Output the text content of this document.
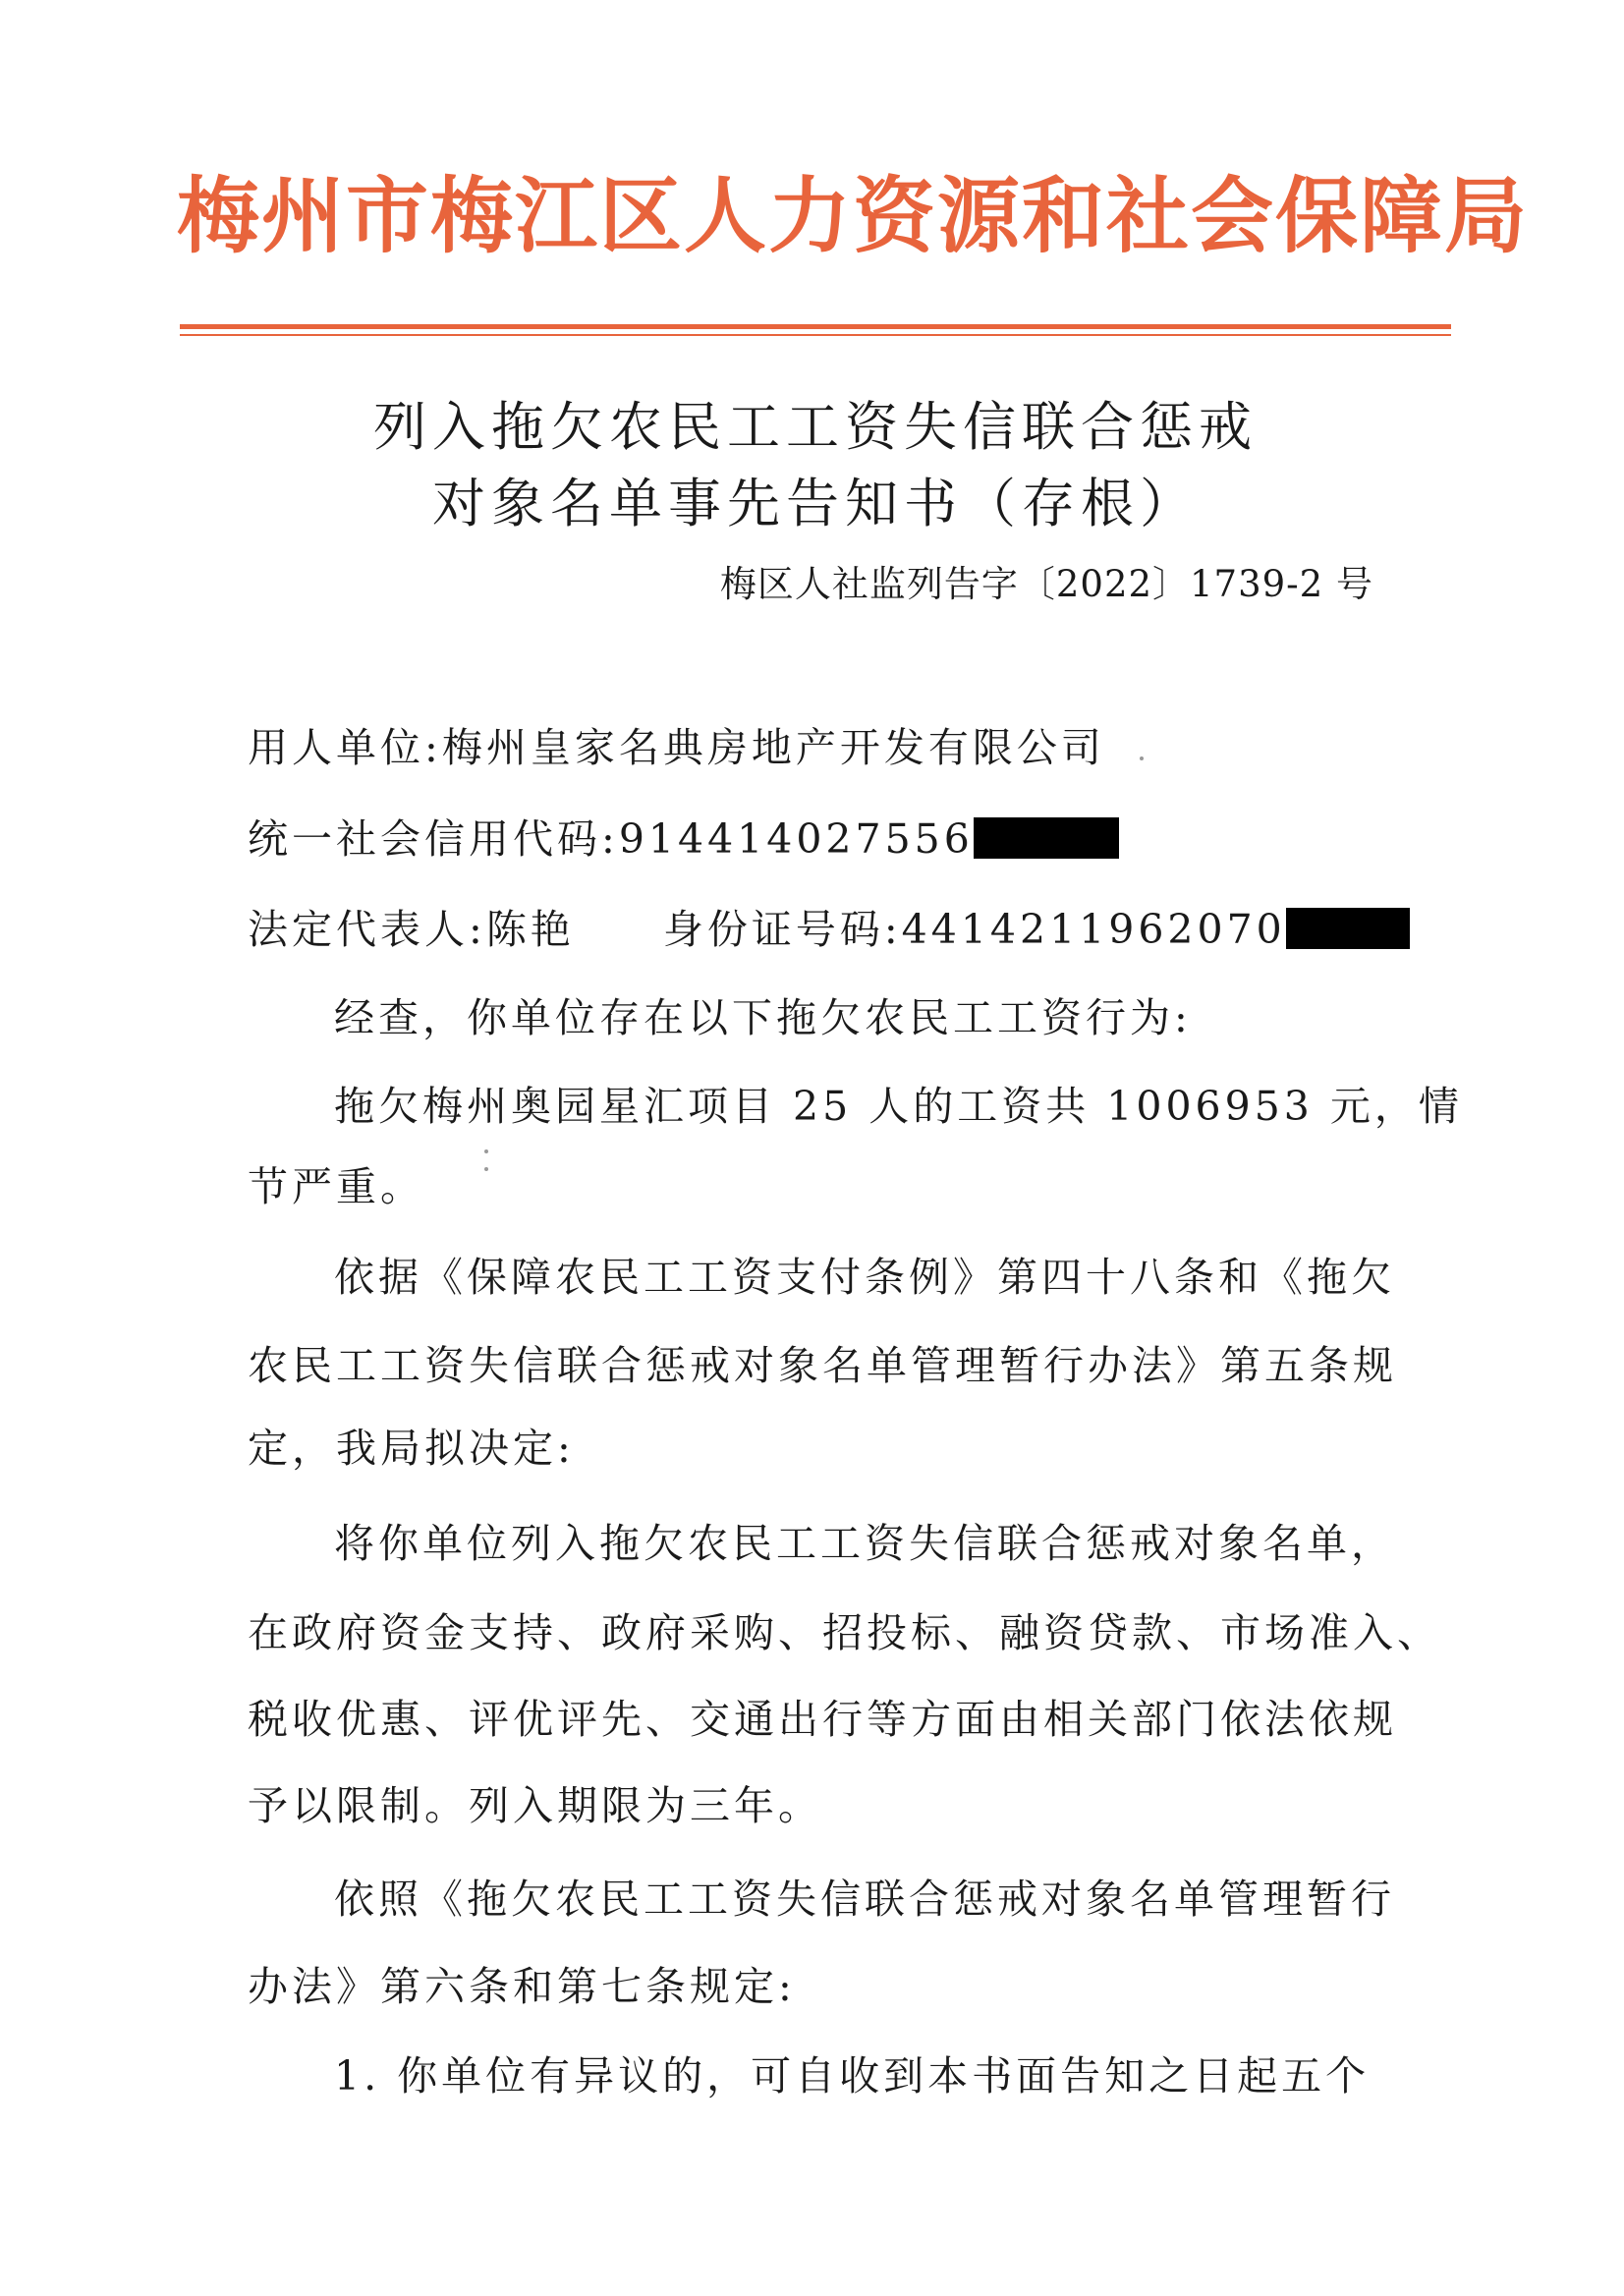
梅州市梅江区人力资源和社会保障局
列入拖欠农民工工资失信联合惩戒
对象名单事先告知书（存根）
梅区人社监列告字〔2022〕1739-2 号
用人单位:梅州皇家名典房地产开发有限公司
统一社会信用代码:914414027556
法定代表人:陈艳 身份证号码:4414211962070
经查，你单位存在以下拖欠农民工工资行为:
拖欠梅州奥园星汇项目 25 人的工资共 1006953 元，情
节严重。
依据《保障农民工工资支付条例》第四十八条和《拖欠
农民工工资失信联合惩戒对象名单管理暂行办法》第五条规
定，我局拟决定:
将你单位列入拖欠农民工工资失信联合惩戒对象名单，
在政府资金支持、政府采购、招投标、融资贷款、市场准入、
税收优惠、评优评先、交通出行等方面由相关部门依法依规
予以限制。列入期限为三年。
依照《拖欠农民工工资失信联合惩戒对象名单管理暂行
办法》第六条和第七条规定:
1. 你单位有异议的，可自收到本书面告知之日起五个
